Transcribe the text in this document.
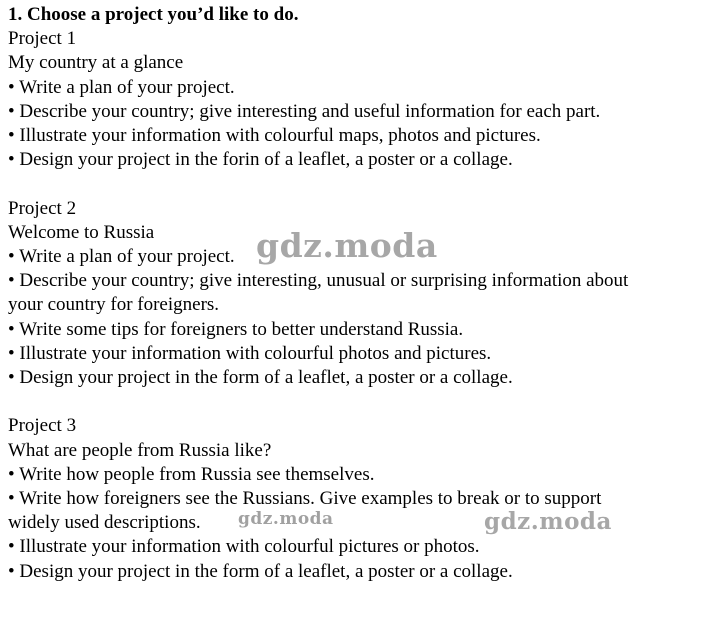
1. Choose a project you’d like to do.
Project 1
My country at a glance
• Write a plan of your project.
• Describe your country; give interesting and useful information for each part.
• Illustrate your information with colourful maps, photos and pictures.
• Design your project in the forin of a leaflet, a poster or a collage.
Project 2
Welcome to Russia
• Write a plan of your project.
• Describe your country; give interesting, unusual or surprising information about
your country for foreigners.
• Write some tips for foreigners to better understand Russia.
• Illustrate your information with colourful photos and pictures.
• Design your project in the form of a leaflet, a poster or a collage.
Project 3
What are people from Russia like?
• Write how people from Russia see themselves.
• Write how foreigners see the Russians. Give examples to break or to support
widely used descriptions.
• Illustrate your information with colourful pictures or photos.
• Design your project in the form of a leaflet, a poster or a collage.
gdz.moda
gdz.moda	gdz.moda
